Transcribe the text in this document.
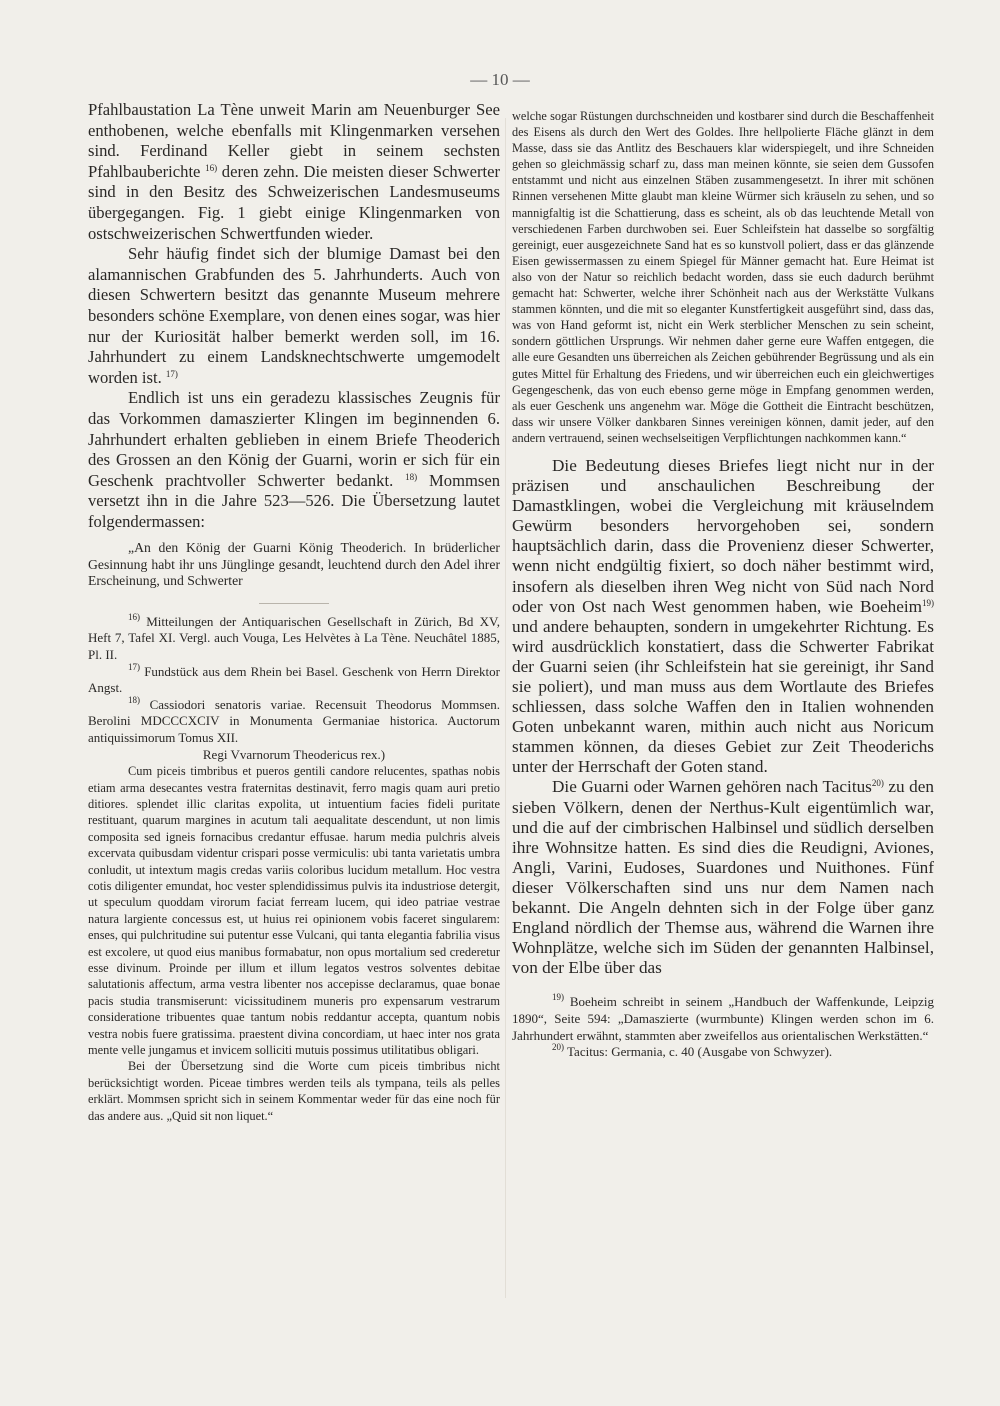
— 10 —

Pfahlbaustation La Tène unweit Marin am Neuenburger See enthobenen, welche ebenfalls mit Klingenmarken versehen sind. Ferdinand Keller giebt in seinem sechsten Pfahlbauberichte $^{16)}$ deren zehn. Die meisten dieser Schwerter sind in den Besitz des Schweizerischen Landesmuseums übergegangen. Fig. 1 giebt einige Klingenmarken von ostschweizerischen Schwertfunden wieder.

Sehr häufig findet sich der blumige Damast bei den alamannischen Grabfunden des 5. Jahrhunderts. Auch von diesen Schwertern besitzt das genannte Museum mehrere besonders schöne Exemplare, von denen eines sogar, was hier nur der Kuriosität halber bemerkt werden soll, im 16. Jahrhundert zu einem Landsknechtschwerte umgemodelt worden ist. $^{17)}$

Endlich ist uns ein geradezu klassisches Zeugnis für das Vorkommen damaszierter Klingen im beginnenden 6. Jahrhundert erhalten geblieben in einem Briefe Theoderich des Grossen an den König der Guarni, worin er sich für ein Geschenk prachtvoller Schwerter bedankt. $^{18)}$ Mommsen versetzt ihn in die Jahre 523—526. Die Übersetzung lautet folgendermassen:

„An den König der Guarni König Theoderich. In brüderlicher Gesinnung habt ihr uns Jünglinge gesandt, leuchtend durch den Adel ihrer Erscheinung, und Schwerter

$^{16)}$ Mitteilungen der Antiquarischen Gesellschaft in Zürich, Bd XV, Heft 7, Tafel XI. Vergl. auch Vouga, Les Helvètes à La Tène. Neuchâtel 1885, Pl. II.

$^{17)}$ Fundstück aus dem Rhein bei Basel. Geschenk von Herrn Direktor Angst.

$^{18)}$ Cassiodori senatoris variae. Recensuit Theodorus Mommsen. Berolini MDCCCXCIV in Monumenta Germaniae historica. Auctorum antiquissimorum Tomus XII.

Regi Vvarnorum Theodericus rex.)

Cum piceis timbribus et pueros gentili candore relucentes, spathas nobis etiam arma desecantes vestra fraternitas destinavit, ferro magis quam auri pretio ditiores. splendet illic claritas expolita, ut intuentium facies fideli puritate restituant, quarum margines in acutum tali aequalitate descendunt, ut non limis composita sed igneis fornacibus credantur effusae. harum media pulchris alveis excervata quibusdam videntur crispari posse vermiculis: ubi tanta varietatis umbra conludit, ut intextum magis credas variis coloribus lucidum metallum. Hoc vestra cotis diligenter emundat, hoc vester splendidissimus pulvis ita industriose detergit, ut speculum quoddam virorum faciat ferream lucem, qui ideo patriae vestrae natura largiente concessus est, ut huius rei opinionem vobis faceret singularem: enses, qui pulchritudine sui putentur esse Vulcani, qui tanta elegantia fabrilia visus est excolere, ut quod eius manibus formabatur, non opus mortalium sed crederetur esse divinum. Proinde per illum et illum legatos vestros solventes debitae salutationis affectum, arma vestra libenter nos accepisse declaramus, quae bonae pacis studia transmiserunt: vicissitudinem muneris pro expensarum vestrarum consideratione tribuentes quae tantum nobis reddantur accepta, quantum nobis vestra nobis fuere gratissima. praestent divina concordiam, ut haec inter nos grata mente velle jungamus et invicem solliciti mutuis possimus utilitatibus obligari.

Bei der Übersetzung sind die Worte cum piceis timbribus nicht berücksichtigt worden. Piceae timbres werden teils als tympana, teils als pelles erklärt. Mommsen spricht sich in seinem Kommentar weder für das eine noch für das andere aus. „Quid sit non liquet.“

welche sogar Rüstungen durchschneiden und kostbarer sind durch die Beschaffenheit des Eisens als durch den Wert des Goldes. Ihre hellpolierte Fläche glänzt in dem Masse, dass sie das Antlitz des Beschauers klar widerspiegelt, und ihre Schneiden gehen so gleichmässig scharf zu, dass man meinen könnte, sie seien dem Gussofen entstammt und nicht aus einzelnen Stäben zusammengesetzt. In ihrer mit schönen Rinnen versehenen Mitte glaubt man kleine Würmer sich kräuseln zu sehen, und so mannigfaltig ist die Schattierung, dass es scheint, als ob das leuchtende Metall von verschiedenen Farben durchwoben sei. Euer Schleifstein hat dasselbe so sorgfältig gereinigt, euer ausgezeichnete Sand hat es so kunstvoll poliert, dass er das glänzende Eisen gewissermassen zu einem Spiegel für Männer gemacht hat. Eure Heimat ist also von der Natur so reichlich bedacht worden, dass sie euch dadurch berühmt gemacht hat: Schwerter, welche ihrer Schönheit nach aus der Werkstätte Vulkans stammen könnten, und die mit so eleganter Kunstfertigkeit ausgeführt sind, dass das, was von Hand geformt ist, nicht ein Werk sterblicher Menschen zu sein scheint, sondern göttlichen Ursprungs. Wir nehmen daher gerne eure Waffen entgegen, die alle eure Gesandten uns überreichen als Zeichen gebührender Begrüssung und als ein gutes Mittel für Erhaltung des Friedens, und wir überreichen euch ein gleichwertiges Gegengeschenk, das von euch ebenso gerne möge in Empfang genommen werden, als euer Geschenk uns angenehm war. Möge die Gottheit die Eintracht beschützen, dass wir unsere Völker dankbaren Sinnes vereinigen können, damit jeder, auf den andern vertrauend, seinen wechselseitigen Verpflichtungen nachkommen kann.“

Die Bedeutung dieses Briefes liegt nicht nur in der präzisen und anschaulichen Beschreibung der Damastklingen, wobei die Vergleichung mit kräuselndem Gewürm besonders hervorgehoben sei, sondern hauptsächlich darin, dass die Provenienz dieser Schwerter, wenn nicht endgültig fixiert, so doch näher bestimmt wird, insofern als dieselben ihren Weg nicht von Süd nach Nord oder von Ost nach West genommen haben, wie Boeheim$^{19)}$ und andere behaupten, sondern in umgekehrter Richtung. Es wird ausdrücklich konstatiert, dass die Schwerter Fabrikat der Guarni seien (ihr Schleifstein hat sie gereinigt, ihr Sand sie poliert), und man muss aus dem Wortlaute des Briefes schliessen, dass solche Waffen den in Italien wohnenden Goten unbekannt waren, mithin auch nicht aus Noricum stammen können, da dieses Gebiet zur Zeit Theoderichs unter der Herrschaft der Goten stand.

Die Guarni oder Warnen gehören nach Tacitus$^{20)}$ zu den sieben Völkern, denen der Nerthus-Kult eigentümlich war, und die auf der cimbrischen Halbinsel und südlich derselben ihre Wohnsitze hatten. Es sind dies die Reudigni, Aviones, Angli, Varini, Eudoses, Suardones und Nuithones. Fünf dieser Völkerschaften sind uns nur dem Namen nach bekannt. Die Angeln dehnten sich in der Folge über ganz England nördlich der Themse aus, während die Warnen ihre Wohnplätze, welche sich im Süden der genannten Halbinsel, von der Elbe über das

$^{19)}$ Boeheim schreibt in seinem „Handbuch der Waffenkunde, Leipzig 1890“, Seite 594: „Damaszierte (wurmbunte) Klingen werden schon im 6. Jahrhundert erwähnt, stammten aber zweifellos aus orientalischen Werkstätten.“

$^{20)}$ Tacitus: Germania, c. 40 (Ausgabe von Schwyzer).
